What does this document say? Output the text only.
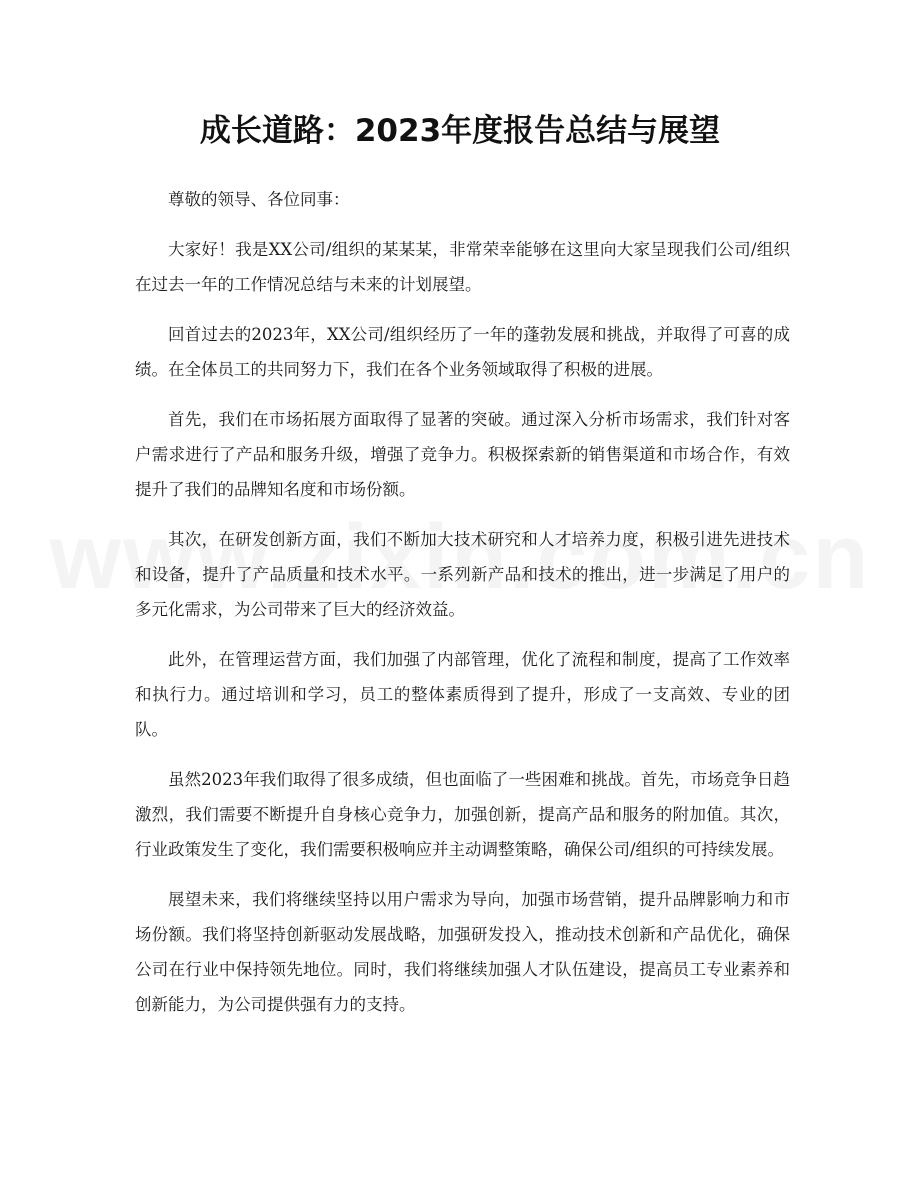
成长道路：2023年度报告总结与展望

尊敬的领导、各位同事：

大家好！我是XX公司/组织的某某某，非常荣幸能够在这里向大家呈现我们公司/组织在过去一年的工作情况总结与未来的计划展望。

回首过去的2023年，XX公司/组织经历了一年的蓬勃发展和挑战，并取得了可喜的成绩。在全体员工的共同努力下，我们在各个业务领域取得了积极的进展。

首先，我们在市场拓展方面取得了显著的突破。通过深入分析市场需求，我们针对客户需求进行了产品和服务升级，增强了竞争力。积极探索新的销售渠道和市场合作，有效提升了我们的品牌知名度和市场份额。

其次，在研发创新方面，我们不断加大技术研究和人才培养力度，积极引进先进技术和设备，提升了产品质量和技术水平。一系列新产品和技术的推出，进一步满足了用户的多元化需求，为公司带来了巨大的经济效益。

此外，在管理运营方面，我们加强了内部管理，优化了流程和制度，提高了工作效率和执行力。通过培训和学习，员工的整体素质得到了提升，形成了一支高效、专业的团队。

虽然2023年我们取得了很多成绩，但也面临了一些困难和挑战。首先，市场竞争日趋激烈，我们需要不断提升自身核心竞争力，加强创新，提高产品和服务的附加值。其次，行业政策发生了变化，我们需要积极响应并主动调整策略，确保公司/组织的可持续发展。

展望未来，我们将继续坚持以用户需求为导向，加强市场营销，提升品牌影响力和市场份额。我们将坚持创新驱动发展战略，加强研发投入，推动技术创新和产品优化，确保公司在行业中保持领先地位。同时，我们将继续加强人才队伍建设，提高员工专业素养和创新能力，为公司提供强有力的支持。
